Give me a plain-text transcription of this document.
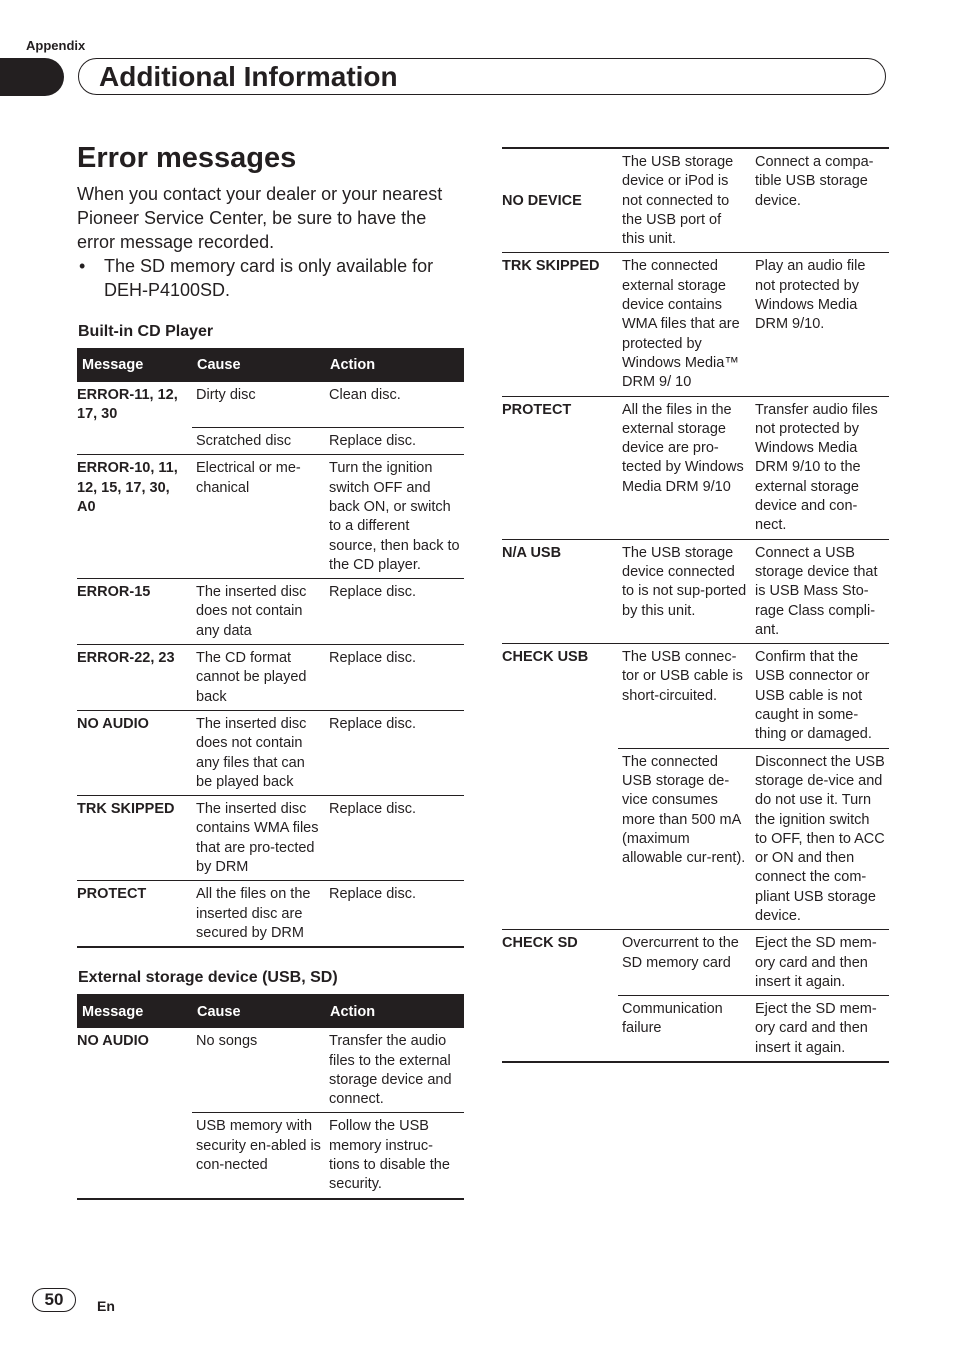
Appendix
Additional Information
Error messages

When you contact your dealer or your nearest Pioneer Service Center, be sure to have the error message recorded.

•	The SD memory card is only available for DEH-P4100SD.
Built-in CD Player
Message	Cause	Action
ERROR-11, 12, 17, 30	Dirty disc	Clean disc.
	Scratched disc	Replace disc.
ERROR-10, 11, 12, 15, 17, 30, A0	Electrical or me-chanical	Turn the ignition switch OFF and back ON, or switch to a different source, then back to the CD player.
ERROR-15	The inserted disc does not contain any data	Replace disc.
ERROR-22, 23	The CD format cannot be played back	Replace disc.
NO AUDIO	The inserted disc does not contain any files that can be played back	Replace disc.
TRK SKIPPED	The inserted disc contains WMA files that are pro-tected by DRM	Replace disc.
PROTECT	All the files on the inserted disc are secured by DRM	Replace disc.
External storage device (USB, SD)
Message	Cause	Action
NO AUDIO	No songs	Transfer the audio files to the external storage device and connect.
	USB memory with security en-abled is con-nected	Follow the USB memory instruc-tions to disable the security.
NO DEVICE	The USB storage device or iPod is not connected to the USB port of this unit.	Connect a compa-tible USB storage device.
TRK SKIPPED	The connected external storage device contains WMA files that are protected by Windows Media™ DRM 9/ 10	Play an audio file not protected by Windows Media DRM 9/10.
PROTECT	All the files in the external storage device are pro-tected by Windows Media DRM 9/10	Transfer audio files not protected by Windows Media DRM 9/10 to the external storage device and con-nect.
N/A USB	The USB storage device connected to is not sup-ported by this unit.	Connect a USB storage device that is USB Mass Sto-rage Class compli-ant.
CHECK USB	The USB connec-tor or USB cable is short-circuited.	Confirm that the USB connector or USB cable is not caught in some-thing or damaged.
	The connected USB storage de-vice consumes more than 500 mA (maximum allowable cur-rent).	Disconnect the USB storage de-vice and do not use it. Turn the ignition switch to OFF, then to ACC or ON and then connect the com-pliant USB storage device.
CHECK SD	Overcurrent to the SD memory card	Eject the SD mem-ory card and then insert it again.
	Communication failure	Eject the SD mem-ory card and then insert it again.
50	En
